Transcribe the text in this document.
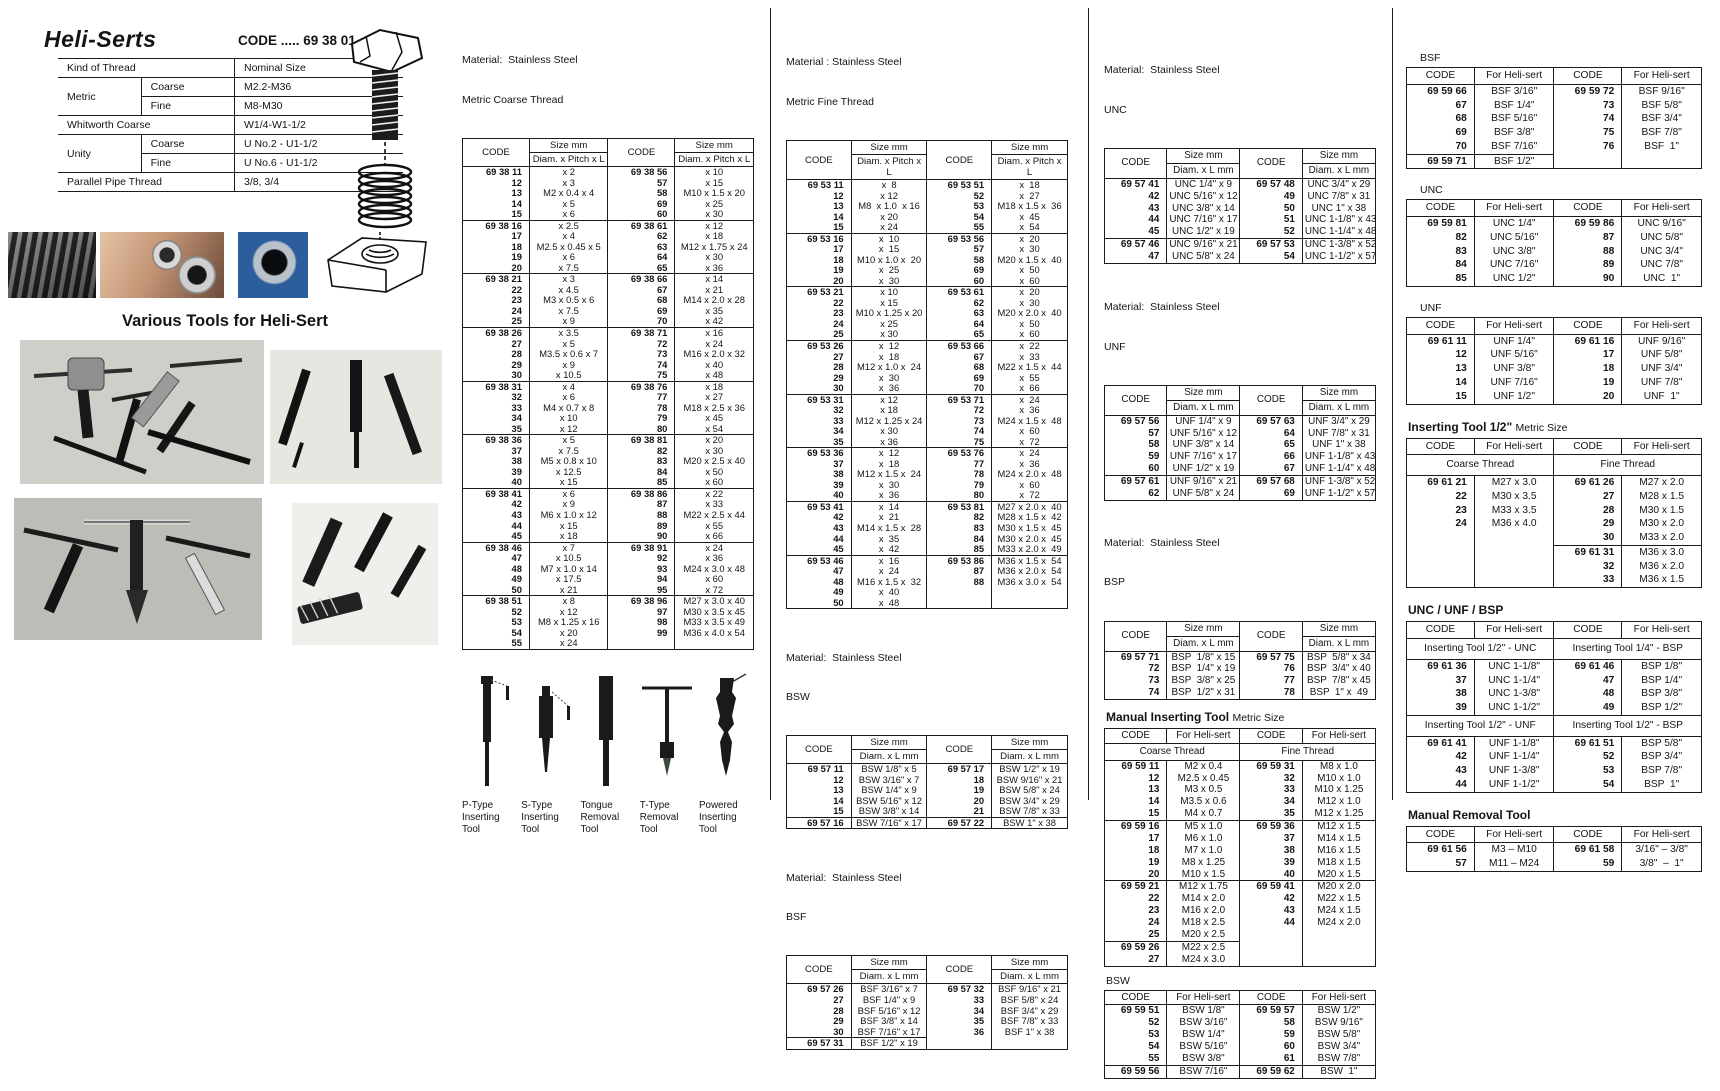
Heli-Serts	CODE ..... 69 38 01
Kind of Thread		Nominal Size
Metric	Coarse	M2.2-M36
	Fine	M8-M30
Whitworth Coarse		W1/4-W1-1/2
Unity	Coarse	U No.2 - U1-1/2
	Fine	U No.6 - U1-1/2
Parallel Pipe Thread		3/8, 3/4
Various Tools for Heli-Sert

Material:  Stainless Steel

Metric Coarse Thread

CODE	Size mm	CODE	Size mm
	Diam. x Pitch x L		Diam. x Pitch x L
69 38 11	x 2	69 38 56	x 10
12	x 3	57	x 15
13	M2 x 0.4 x 4	58	M10 x 1.5 x 20
14	x 5	69	x 25
15	x 6	60	x 30
69 38 16	x 2.5	69 38 61	x 12
17	x 4	62	x 18
18	M2.5 x 0.45 x 5	63	M12 x 1.75 x 24
19	x 6	64	x 30
20	x 7.5	65	x 36
69 38 21	x 3	69 38 66	x 14
22	x 4.5	67	x 21
23	M3 x 0.5 x 6	68	M14 x 2.0 x 28
24	x 7.5	69	x 35
25	x 9	70	x 42
69 38 26	x 3.5	69 38 71	x 16
27	x 5	72	x 24
28	M3.5 x 0.6 x 7	73	M16 x 2.0 x 32
29	x 9	74	x 40
30	x 10.5	75	x 48
69 38 31	x 4	69 38 76	x 18
32	x 6	77	x 27
33	M4 x 0.7 x 8	78	M18 x 2.5 x 36
34	x 10	79	x 45
35	x 12	80	x 54
69 38 36	x 5	69 38 81	x 20
37	x 7.5	82	x 30
38	M5 x 0.8 x 10	83	M20 x 2.5 x 40
39	x 12.5	84	x 50
40	x 15	85	x 60
69 38 41	x 6	69 38 86	x 22
42	x 9	87	x 33
43	M6 x 1.0 x 12	88	M22 x 2.5 x 44
44	x 15	89	x 55
45	x 18	90	x 66
69 38 46	x 7	69 38 91	x 24
47	x 10.5	92	x 36
48	M7 x 1.0 x 14	93	M24 x 3.0 x 48
49	x 17.5	94	x 60
50	x 21	95	x 72
69 38 51	x 8	69 38 96	M27 x 3.0 x 40
52	x 12	97	M30 x 3.5 x 45
53	M8 x 1.25 x 16	98	M33 x 3.5 x 49
54	x 20	99	M36 x 4.0 x 54
55	x 24		
P-Type Inserting Tool
S-Type Inserting Tool
Tongue Removal Tool
T-Type Removal Tool
Powered Inserting Tool

Material : Stainless Steel

Metric Fine Thread

CODE	Size mm	CODE	Size mm
	Diam. x Pitch x L		Diam. x Pitch x L
69 53 11	x  8	69 53 51	x  18
12	x 12	52	x  27
13	M8  x 1.0  x 16	53	M18 x 1.5 x  36
14	x 20	54	x  45
15	x 24	55	x  54
69 53 16	x  10	69 53 56	x  20
17	x  15	57	x  30
18	M10 x 1.0 x  20	58	M20 x 1.5 x  40
19	x  25	69	x  50
20	x  30	60	x  60
69 53 21	x 10	69 53 61	x  20
22	x 15	62	x  30
23	M10 x 1.25 x 20	63	M20 x 2.0 x  40
24	x 25	64	x  50
25	x 30	65	x  60
69 53 26	x  12	69 53 66	x  22
27	x  18	67	x  33
28	M12 x 1.0 x  24	68	M22 x 1.5 x  44
29	x  30	69	x  55
30	x  36	70	x  66
69 53 31	x 12	69 53 71	x  24
32	x 18	72	x  36
33	M12 x 1.25 x 24	73	M24 x 1.5 x  48
34	x 30	74	x  60
35	x 36	75	x  72
69 53 36	x  12	69 53 76	x  24
37	x  18	77	x  36
38	M12 x 1.5 x  24	78	M24 x 2.0 x  48
39	x  30	79	x  60
40	x  36	80	x  72
69 53 41	x  14	69 53 81	M27 x 2.0 x  40
42	x  21	82	M28 x 1.5 x  42
43	M14 x 1.5 x  28	83	M30 x 1.5 x  45
44	x  35	84	M30 x 2.0 x  45
45	x  42	85	M33 x 2.0 x  49
69 53 46	x  16	69 53 86	M36 x 1.5 x  54
47	x  24	87	M36 x 2.0 x  54
48	M16 x 1.5 x  32	88	M36 x 3.0 x  54
49	x  40		
50	x  48		

Material:  Stainless Steel

BSW

CODE	Size mm	CODE	Size mm
	Diam. x L mm		Diam. x L mm
69 57 11	BSW 1/8" x 5	69 57 17	BSW 1/2" x 19
12	BSW 3/16" x 7	18	BSW 9/16" x 21
13	BSW 1/4" x 9	19	BSW 5/8" x 24
14	BSW 5/16" x 12	20	BSW 3/4" x 29
15	BSW 3/8" x 14	21	BSW 7/8" x 33
69 57 16	BSW 7/16" x 17	69 57 22	BSW 1" x 38

Material:  Stainless Steel

BSF

CODE	Size mm	CODE	Size mm
	Diam. x L mm		Diam. x L mm
69 57 26	BSF 3/16" x 7	69 57 32	BSF 9/16" x 21
27	BSF 1/4" x 9	33	BSF 5/8" x 24
28	BSF 5/16" x 12	34	BSF 3/4" x 29
29	BSF 3/8" x 14	35	BSF 7/8" x 33
30	BSF 7/16" x 17	36	BSF 1" x 38
69 57 31	BSF 1/2" x 19		

Material:  Stainless Steel

UNC

CODE	Size mm	CODE	Size mm
	Diam. x L mm		Diam. x L mm
69 57 41	UNC 1/4" x 9	69 57 48	UNC 3/4" x 29
42	UNC 5/16" x 12	49	UNC 7/8" x 31
43	UNC 3/8" x 14	50	UNC 1" x 38
44	UNC 7/16" x 17	51	UNC 1-1/8" x 43
45	UNC 1/2" x 19	52	UNC 1-1/4" x 48
69 57 46	UNC 9/16" x 21	69 57 53	UNC 1-3/8" x 52
47	UNC 5/8" x 24	54	UNC 1-1/2" x 57

Material:  Stainless Steel

UNF

CODE	Size mm	CODE	Size mm
	Diam. x L mm		Diam. x L mm
69 57 56	UNF 1/4" x 9	69 57 63	UNF 3/4" x 29
57	UNF 5/16" x 12	64	UNF 7/8" x 31
58	UNF 3/8" x 14	65	UNF 1" x 38
59	UNF 7/16" x 17	66	UNF 1-1/8" x 43
60	UNF 1/2" x 19	67	UNF 1-1/4" x 48
69 57 61	UNF 9/16" x 21	69 57 68	UNF 1-3/8" x 52
62	UNF 5/8" x 24	69	UNF 1-1/2" x 57

Material:  Stainless Steel

BSP

CODE	Size mm	CODE	Size mm
	Diam. x L mm		Diam. x L mm
69 57 71	BSP  1/8" x 15	69 57 75	BSP  5/8" x 34
72	BSP  1/4" x 19	76	BSP  3/4" x 40
73	BSP  3/8" x 25	77	BSP  7/8" x 45
74	BSP  1/2" x 31	78	BSP  1" x  49
Manual Inserting Tool Metric Size
CODE	For Heli-sert	CODE	For Heli-sert
Coarse Thread		Fine Thread	
69 59 11	M2 x 0.4	69 59 31	M8 x 1.0
12	M2.5 x 0.45	32	M10 x 1.0
13	M3 x 0.5	33	M10 x 1.25
14	M3.5 x 0.6	34	M12 x 1.0
15	M4 x 0.7	35	M12 x 1.25
69 59 16	M5 x 1.0	69 59 36	M12 x 1.5
17	M6 x 1.0	37	M14 x 1.5
18	M7 x 1.0	38	M16 x 1.5
19	M8 x 1.25	39	M18 x 1.5
20	M10 x 1.5	40	M20 x 1.5
69 59 21	M12 x 1.75	69 59 41	M20 x 2.0
22	M14 x 2.0	42	M22 x 1.5
23	M16 x 2.0	43	M24 x 1.5
24	M18 x 2.5	44	M24 x 2.0
25	M20 x 2.5		
69 59 26	M22 x 2.5		
27	M24 x 3.0		
BSW
CODE	For Heli-sert	CODE	For Heli-sert
69 59 51	BSW 1/8"	69 59 57	BSW 1/2"
52	BSW 3/16"	58	BSW 9/16"
53	BSW 1/4"	59	BSW 5/8"
54	BSW 5/16"	60	BSW 3/4"
55	BSW 3/8"	61	BSW 7/8"
69 59 56	BSW 7/16"	69 59 62	BSW  1"
BSF
CODE	For Heli-sert	CODE	For Heli-sert
69 59 66	BSF 3/16"	69 59 72	BSF 9/16"
67	BSF 1/4"	73	BSF 5/8"
68	BSF 5/16"	74	BSF 3/4"
69	BSF 3/8"	75	BSF 7/8"
70	BSF 7/16"	76	BSF  1"
69 59 71	BSF 1/2"		
UNC
CODE	For Heli-sert	CODE	For Heli-sert
69 59 81	UNC 1/4"	69 59 86	UNC 9/16"
82	UNC 5/16"	87	UNC 5/8"
83	UNC 3/8"	88	UNC 3/4"
84	UNC 7/16"	89	UNC 7/8"
85	UNC 1/2"	90	UNC  1"
UNF
CODE	For Heli-sert	CODE	For Heli-sert
69 61 11	UNF 1/4"	69 61 16	UNF 9/16"
12	UNF 5/16"	17	UNF 5/8"
13	UNF 3/8"	18	UNF 3/4"
14	UNF 7/16"	19	UNF 7/8"
15	UNF 1/2"	20	UNF  1"
Inserting Tool 1/2" Metric Size
CODE	For Heli-sert	CODE	For Heli-sert
Coarse Thread		Fine Thread	
69 61 21	M27 x 3.0	69 61 26	M27 x 2.0
22	M30 x 3.5	27	M28 x 1.5
23	M33 x 3.5	28	M30 x 1.5
24	M36 x 4.0	29	M30 x 2.0
		30	M33 x 2.0
		69 61 31	M36 x 3.0
		32	M36 x 2.0
		33	M36 x 1.5
UNC / UNF / BSP
CODE	For Heli-sert	CODE	For Heli-sert
Inserting Tool 1/2" - UNC		Inserting Tool 1/4" - BSP	
69 61 36	UNC 1-1/8"	69 61 46	BSP 1/8"
37	UNC 1-1/4"	47	BSP 1/4"
38	UNC 1-3/8"	48	BSP 3/8"
39	UNC 1-1/2"	49	BSP 1/2"
Inserting Tool 1/2" - UNF		Inserting Tool 1/2" - BSP	
69 61 41	UNF 1-1/8"	69 61 51	BSP 5/8"
42	UNF 1-1/4"	52	BSP 3/4"
43	UNF 1-3/8"	53	BSP 7/8"
44	UNF 1-1/2"	54	BSP  1"
Manual Removal Tool
CODE	For Heli-sert	CODE	For Heli-sert
69 61 56	M3 – M10	69 61 58	3/16" – 3/8"
57	M11 – M24	59	3/8"  –  1"
